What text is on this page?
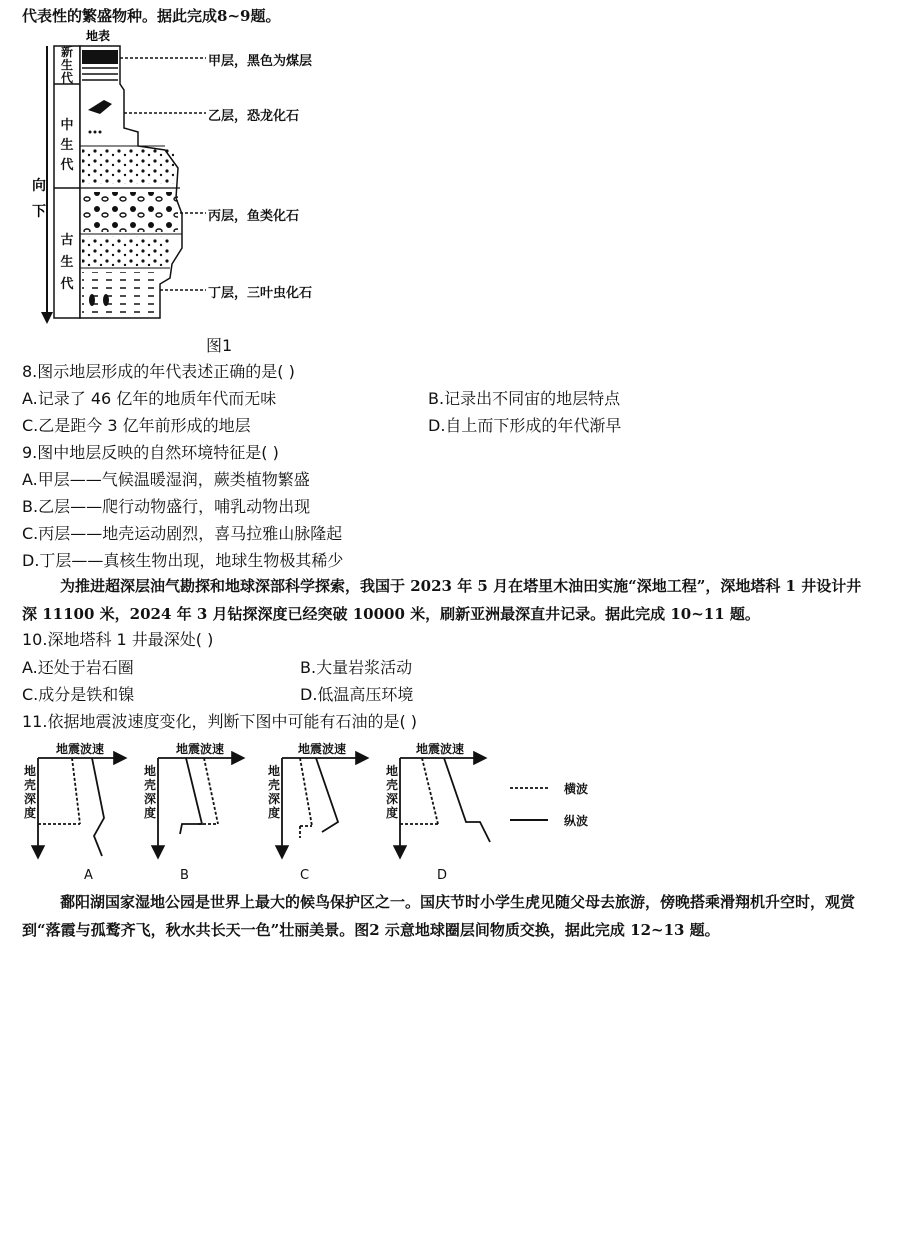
代表性的繁盛物种。据此完成8~9题。
地表
向
下
新生代
中生代
古生代
甲层，黑色为煤层
乙层，恐龙化石
丙层，鱼类化石
丁层，三叶虫化石
图1
8.图示地层形成的年代表述正确的是( )
A.记录了 46 亿年的地质年代而无味	B.记录出不同宙的地层特点
C.乙是距今 3 亿年前形成的地层	D.自上而下形成的年代渐早
9.图中地层反映的自然环境特征是( )
A.甲层——气候温暖湿润，蕨类植物繁盛
B.乙层——爬行动物盛行，哺乳动物出现
C.丙层——地壳运动剧烈，喜马拉雅山脉隆起
D.丁层——真核生物出现，地球生物极其稀少
为推进超深层油气勘探和地球深部科学探索，我国于 2023 年 5 月在塔里木油田实施“深地工程”，深地塔科 1 井设计井深 11100 米，2024 年 3 月钻探深度已经突破 10000 米，刷新亚洲最深直井记录。据此完成 10~11 题。
10.深地塔科 1 井最深处( )
A.还处于岩石圈	B.大量岩浆活动
C.成分是铁和镍	D.低温高压环境
11.依据地震波速度变化，判断下图中可能有石油的是( )
地震波速	地震波速	地震波速	地震波速
地壳深度
地壳深度
地壳深度
地壳深度
A	B	C	D
横波
纵波
鄱阳湖国家湿地公园是世界上最大的候鸟保护区之一。国庆节时小学生虎见随父母去旅游，傍晚搭乘滑翔机升空时，观赏到“落霞与孤鹜齐飞，秋水共长天一色”壮丽美景。图2 示意地球圈层间物质交换，据此完成 12~13 题。
